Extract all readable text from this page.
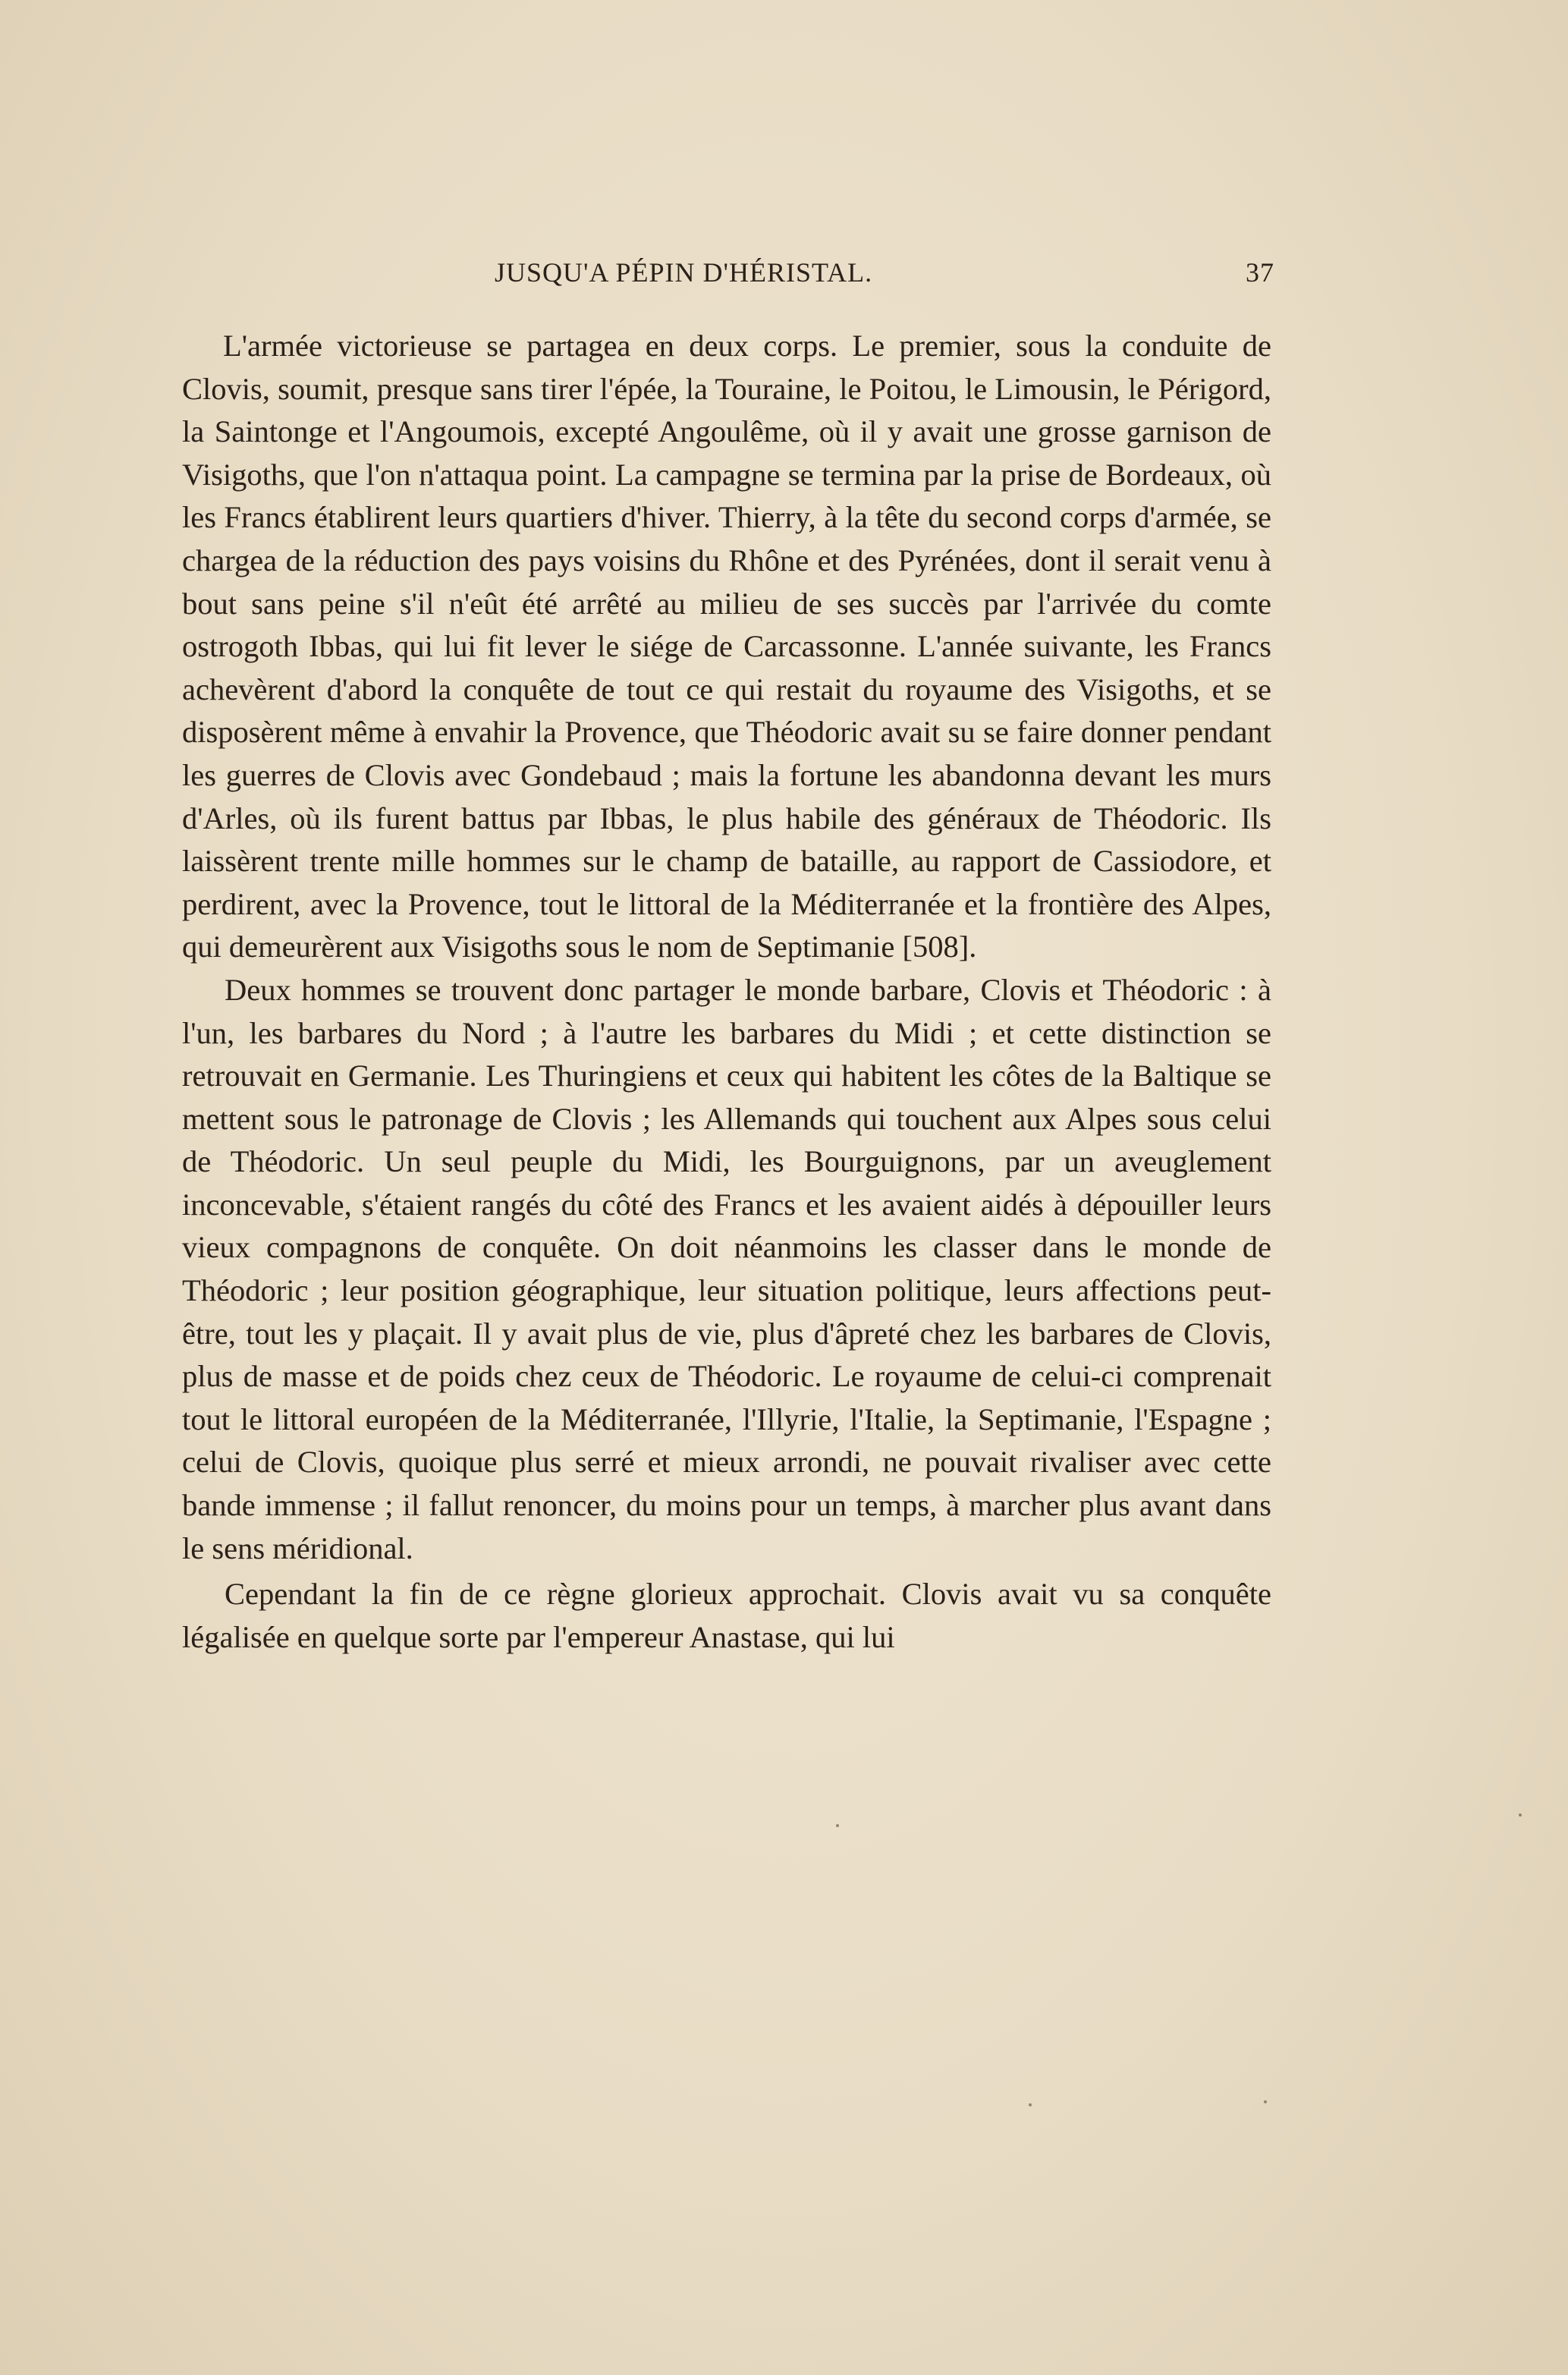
JUSQU'A PÉPIN D'HÉRISTAL.	37

L'armée victorieuse se partagea en deux corps. Le premier, sous la conduite de Clovis, soumit, presque sans tirer l'épée, la Touraine, le Poitou, le Limousin, le Périgord, la Saintonge et l'Angoumois, excepté Angoulême, où il y avait une grosse garnison de Visigoths, que l'on n'attaqua point. La campagne se termina par la prise de Bordeaux, où les Francs établirent leurs quartiers d'hiver. Thierry, à la tête du second corps d'armée, se chargea de la réduction des pays voisins du Rhône et des Pyrénées, dont il serait venu à bout sans peine s'il n'eût été arrêté au milieu de ses succès par l'arrivée du comte ostrogoth Ibbas, qui lui fit lever le siége de Carcassonne. L'année suivante, les Francs achevèrent d'abord la conquête de tout ce qui restait du royaume des Visigoths, et se disposèrent même à envahir la Provence, que Théodoric avait su se faire donner pendant les guerres de Clovis avec Gondebaud ; mais la fortune les abandonna devant les murs d'Arles, où ils furent battus par Ibbas, le plus habile des généraux de Théodoric. Ils laissèrent trente mille hommes sur le champ de bataille, au rapport de Cassiodore, et perdirent, avec la Provence, tout le littoral de la Méditerranée et la frontière des Alpes, qui demeurèrent aux Visigoths sous le nom de Septimanie [508].

Deux hommes se trouvent donc partager le monde barbare, Clovis et Théodoric : à l'un, les barbares du Nord ; à l'autre les barbares du Midi ; et cette distinction se retrouvait en Germanie. Les Thuringiens et ceux qui habitent les côtes de la Baltique se mettent sous le patronage de Clovis ; les Allemands qui touchent aux Alpes sous celui de Théodoric. Un seul peuple du Midi, les Bourguignons, par un aveuglement inconcevable, s'étaient rangés du côté des Francs et les avaient aidés à dépouiller leurs vieux compagnons de conquête. On doit néanmoins les classer dans le monde de Théodoric ; leur position géographique, leur situation politique, leurs affections peut-être, tout les y plaçait. Il y avait plus de vie, plus d'âpreté chez les barbares de Clovis, plus de masse et de poids chez ceux de Théodoric. Le royaume de celui-ci comprenait tout le littoral européen de la Méditerranée, l'Illyrie, l'Italie, la Septimanie, l'Espagne ; celui de Clovis, quoique plus serré et mieux arrondi, ne pouvait rivaliser avec cette bande immense ; il fallut renoncer, du moins pour un temps, à marcher plus avant dans le sens méridional.

Cependant la fin de ce règne glorieux approchait. Clovis avait vu sa conquête légalisée en quelque sorte par l'empereur Anastase, qui lui
